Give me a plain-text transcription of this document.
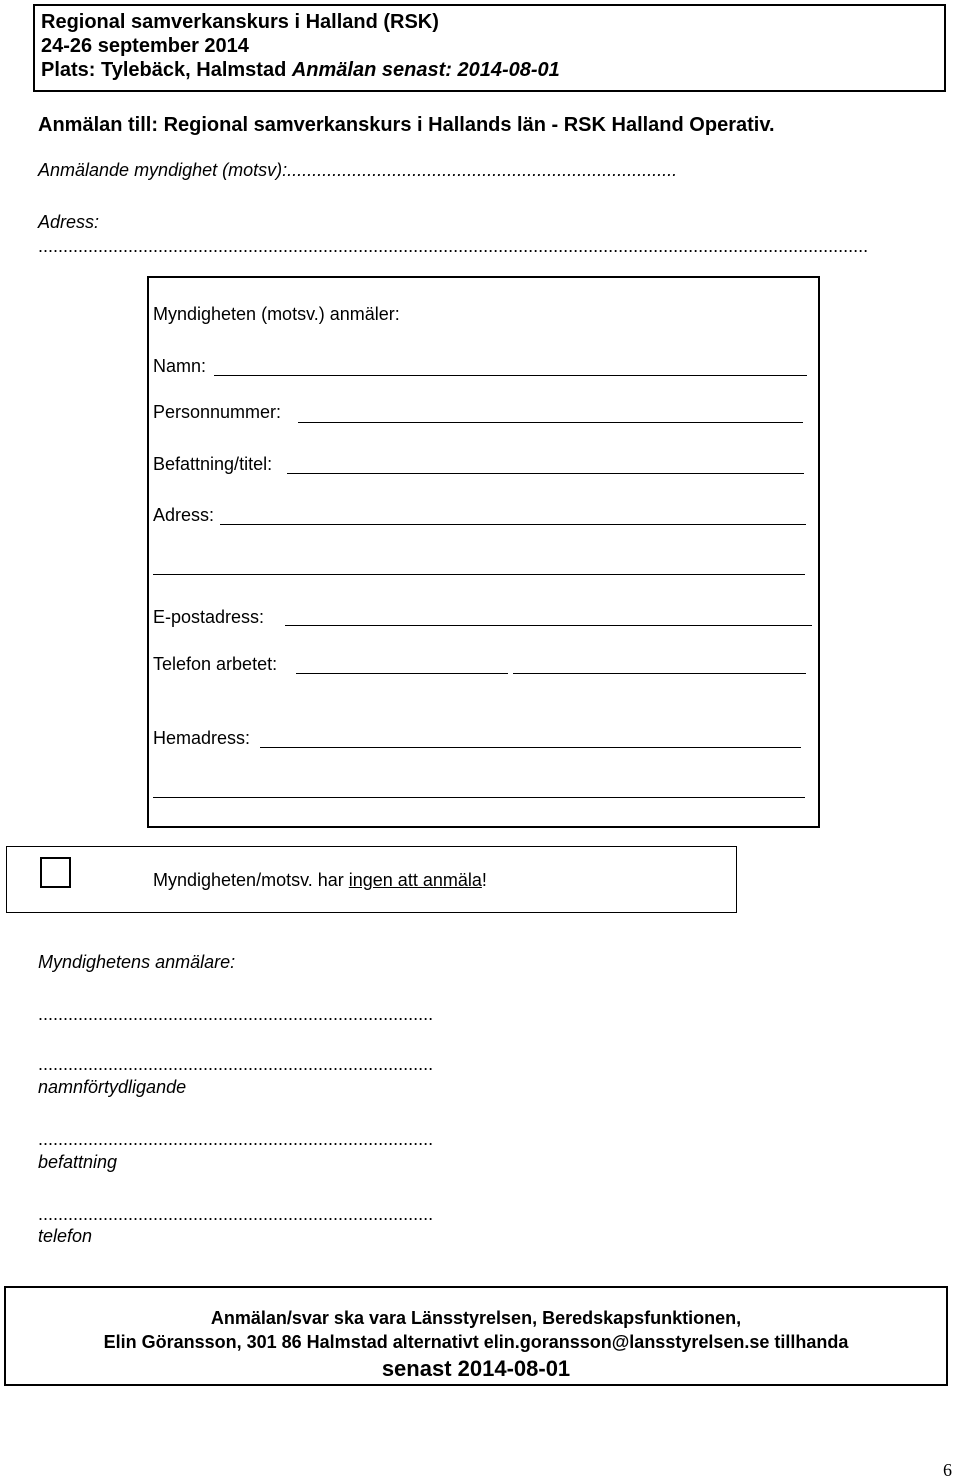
Regional samverkanskurs i Halland (RSK)
24-26 september 2014
Plats: Tylebäck, Halmstad Anmälan senast: 2014-08-01
Anmälan till: Regional samverkanskurs i Hallands län - RSK Halland Operativ.
Anmälande myndighet (motsv):..............................................................................
Adress:
......................................................................................................................................................................
Myndigheten (motsv.) anmäler:
Namn:
Personnummer:
Befattning/titel:
Adress:
E-postadress:
Telefon arbetet:
Hemadress:
Myndigheten/motsv. har ingen att anmäla!
Myndighetens anmälare:
...............................................................................
...............................................................................
namnförtydligande
...............................................................................
befattning
...............................................................................
telefon
Anmälan/svar ska vara Länsstyrelsen, Beredskapsfunktionen,
Elin Göransson, 301 86 Halmstad alternativt elin.goransson@lansstyrelsen.se tillhanda
senast 2014-08-01
6
